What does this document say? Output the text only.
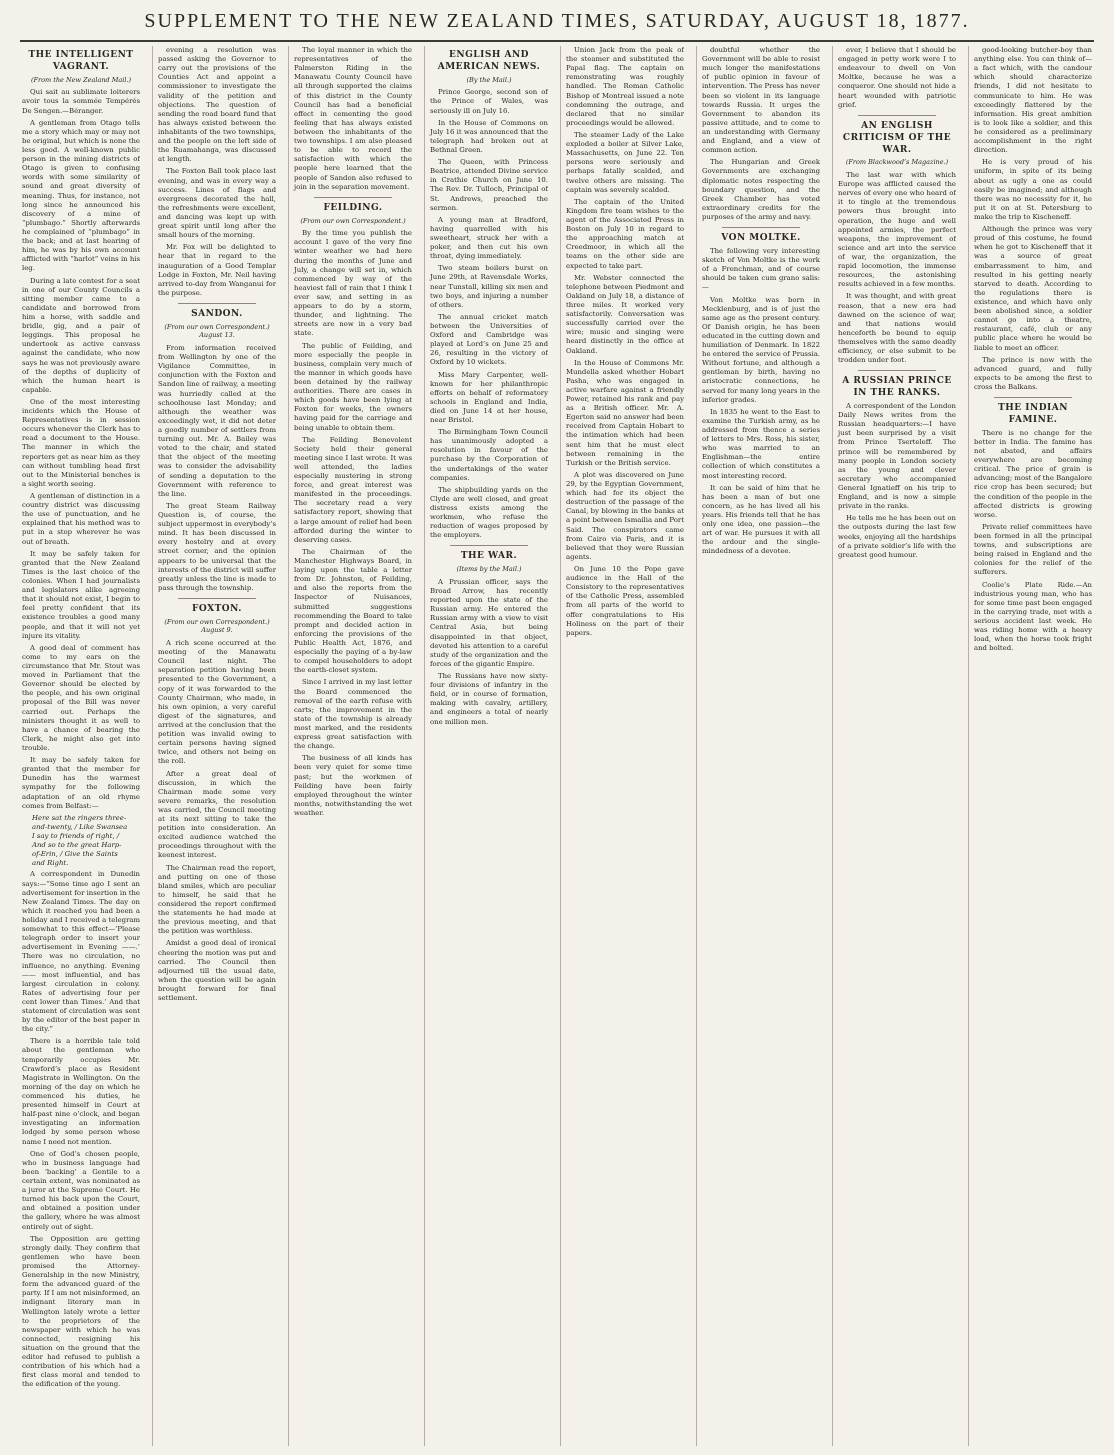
SUPPLEMENT TO THE NEW ZEALAND TIMES, SATURDAY, AUGUST 18, 1877.
THE INTELLIGENT VAGRANT.
(From the New Zealand Mail.)

Qui sait au sublimate loiterers avoir tous la sommée Tempérés De Sengen.—Béranger.

A gentleman from Otago tells me a story which may or may not be original, but which is none the less good. A well-known public person in the mining districts of Otago is given to confusing words with some similarity of sound and great diversity of meaning. Thus, for instance, not long since he announced his discovery of a mine of “plumbago.” Shortly afterwards he complained of “plumbago” in the back; and at last hearing of him, he was by his own account afflicted with “harlot” veins in his leg.

During a late contest for a seat in one of our County Councils a sitting member came to a candidate and borrowed from him a horse, with saddle and bridle, gig, and a pair of leggings. This proposal he undertook as active canvass against the candidate, who now says he was not previously aware of the depths of duplicity of which the human heart is capable.

One of the most interesting incidents which the House of Representatives is in session occurs whenever the Clerk has to read a document to the House. The manner in which the reporters get as near him as they can without tumbling head first out to the Ministerial benches is a sight worth seeing.

A gentleman of distinction in a country district was discussing the use of punctuation, and he explained that his method was to put in a stop wherever he was out of breath.

It may be safely taken for granted that the New Zealand Times is the last choice of the colonies. When I had journalists and legislators alike agreeing that it should not exist, I begin to feel pretty confident that its existence troubles a good many people, and that it will not yet injure its vitality.

A good deal of comment has come to my ears on the circumstance that Mr. Stout was moved in Parliament that the Governor should be elected by the people, and his own original proposal of the Bill was never carried out. Perhaps the ministers thought it as well to have a chance of bearing the Clerk, he might also get into trouble.

It may be safely taken for granted that the member for Dunedin has the warmest sympathy for the following adaptation of an old rhyme comes from Belfast:—

Here sat the ringers three-and-twenty, / Like Swansea I say to friends of right, / And so to the great Harp-of-Erin, / Give the Saints and Right.

A correspondent in Dunedin says:—“Some time ago I sent an advertisement for insertion in the New Zealand Times. The day on which it reached you had been a holiday and I received a telegram somewhat to this effect—‘Please telegraph order to insert your advertisement in Evening ——.’ There was no circulation, no influence, no anything. Evening —— most influential, and has largest circulation in colony. Rates of advertising four per cent lower than Times.’ And that statement of circulation was sent by the editor of the best paper in the city.”

There is a horrible tale told about the gentleman who temporarily occupies Mr. Crawford’s place as Resident Magistrate in Wellington. On the morning of the day on which he commenced his duties, he presented himself in Court at half-past nine o’clock, and began investigating an information lodged by some person whose name I need not mention.

One of God’s chosen people, who in business language had been ‘backing’ a Gentile to a certain extent, was nominated as a juror at the Supreme Court. He turned his back upon the Court, and obtained a position under the gallery, where he was almost entirely out of sight.

The Opposition are getting strongly daily. They confirm that gentlemen who have been promised the Attorney-Generalship in the new Ministry, form the advanced guard of the party. If I am not misinformed, an indignant literary man in Wellington lately wrote a letter to the proprietors of the newspaper with which he was connected, resigning his situation on the ground that the editor had refused to publish a contribution of his which had a first class moral and tended to the edification of the young.

evening a resolution was passed asking the Governor to carry out the provisions of the Counties Act and appoint a commissioner to investigate the validity of the petition and objections. The question of sending the road board fund that has always existed between the inhabitants of the two townships, and the people on the left side of the Ruamahanga, was discussed at length.

The Foxton Ball took place last evening, and was in every way a success. Lines of flags and evergreens decorated the hall, the refreshments were excellent, and dancing was kept up with great spirit until long after the small hours of the morning.

Mr. Fox will be delighted to hear that in regard to the inauguration of a Good Templar Lodge in Foxton, Mr. Neil having arrived to-day from Wanganui for the purpose.

SANDON.
(From our own Correspondent.) August 13.

From information received from Wellington by one of the Vigilance Committee, in conjunction with the Foxton and Sandon line of railway, a meeting was hurriedly called at the schoolhouse last Monday; and although the weather was exceedingly wet, it did not deter a goodly number of settlers from turning out. Mr. A. Bailey was voted to the chair, and stated that the object of the meeting was to consider the advisability of sending a deputation to the Government with reference to the line.

The great Steam Railway Question is, of course, the subject uppermost in everybody’s mind. It has been discussed in every hostelry and at every street corner, and the opinion appears to be universal that the interests of the district will suffer greatly unless the line is made to pass through the township.

FOXTON.
(From our own Correspondent.) August 9.

A rich scene occurred at the meeting of the Manawatu Council last night. The separation petition having been presented to the Government, a copy of it was forwarded to the County Chairman, who made, in his own opinion, a very careful digest of the signatures, and arrived at the conclusion that the petition was invalid owing to certain persons having signed twice, and others not being on the roll.

After a great deal of discussion, in which the Chairman made some very severe remarks, the resolution was carried, the Council meeting at its next sitting to take the petition into consideration. An excited audience watched the proceedings throughout with the keenest interest.

The Chairman read the report, and putting on one of those bland smiles, which are peculiar to himself, he said that he considered the report confirmed the statements he had made at the previous meeting, and that the petition was worthless.

Amidst a good deal of ironical cheering the motion was put and carried. The Council then adjourned till the usual date, when the question will be again brought forward for final settlement.

The loyal manner in which the representatives of the Palmerston Riding in the Manawatu County Council have all through supported the claims of this district in the County Council has had a beneficial effect in cementing the good feeling that has always existed between the inhabitants of the two townships. I am also pleased to be able to record the satisfaction with which the people here learned that the people of Sandon also refused to join in the separation movement.

FEILDING.
(From our own Correspondent.)

By the time you publish the account I gave of the very fine winter weather we had here during the months of June and July, a change will set in, which commenced by way of the heaviest fall of rain that I think I ever saw, and setting in as appears to do by a storm, thunder, and lightning. The streets are now in a very bad state.

The public of Feilding, and more especially the people in business, complain very much of the manner in which goods have been detained by the railway authorities. There are cases in which goods have been lying at Foxton for weeks, the owners having paid for the carriage and being unable to obtain them.

The Feilding Benevolent Society held their general meeting since I last wrote. It was well attended, the ladies especially mustering in strong force, and great interest was manifested in the proceedings. The secretary read a very satisfactory report, showing that a large amount of relief had been afforded during the winter to deserving cases.

The Chairman of the Manchester Highways Board, in laying upon the table a letter from Dr. Johnston, of Feilding, and also the reports from the Inspector of Nuisances, submitted suggestions recommending the Board to take prompt and decided action in enforcing the provisions of the Public Health Act, 1876, and especially the paying of a by-law to compel householders to adopt the earth-closet system.

Since I arrived in my last letter the Board commenced the removal of the earth refuse with carts; the improvement in the state of the township is already most marked, and the residents express great satisfaction with the change.

The business of all kinds has been very quiet for some time past; but the workmen of Feilding have been fairly employed throughout the winter months, notwithstanding the wet weather.

ENGLISH AND AMERICAN NEWS.
(By the Mail.)

Prince George, second son of the Prince of Wales, was seriously ill on July 16.

In the House of Commons on July 16 it was announced that the telegraph had broken out at Bethnal Green.

The Queen, with Princess Beatrice, attended Divine service in Crathie Church on June 10. The Rev. Dr. Tulloch, Principal of St. Andrews, preached the sermon.

A young man at Bradford, having quarrelled with his sweetheart, struck her with a poker, and then cut his own throat, dying immediately.

Two steam boilers burst on June 29th, at Ravensdale Works, near Tunstall, killing six men and two boys, and injuring a number of others.

The annual cricket match between the Universities of Oxford and Cambridge was played at Lord’s on June 25 and 26, resulting in the victory of Oxford by 10 wickets.

Miss Mary Carpenter, well-known for her philanthropic efforts on behalf of reformatory schools in England and India, died on June 14 at her house, near Bristol.

The Birmingham Town Council has unanimously adopted a resolution in favour of the purchase by the Corporation of the undertakings of the water companies.

The shipbuilding yards on the Clyde are well closed, and great distress exists among the workmen, who refuse the reduction of wages proposed by the employers.

THE WAR.
(Items by the Mail.)

A Prussian officer, says the Broad Arrow, has recently reported upon the state of the Russian army. He entered the Russian army with a view to visit Central Asia, but being disappointed in that object, devoted his attention to a careful study of the organization and the forces of the gigantic Empire.

The Russians have now sixty-four divisions of infantry in the field, or in course of formation, making with cavalry, artillery, and engineers a total of nearly one million men.

Union Jack from the peak of the steamer and substituted the Papal flag. The captain on remonstrating was roughly handled. The Roman Catholic Bishop of Montreal issued a note condemning the outrage, and declared that no similar proceedings would be allowed.

The steamer Lady of the Lake exploded a boiler at Silver Lake, Massachusetts, on June 22. Ten persons were seriously and perhaps fatally scalded, and twelve others are missing. The captain was severely scalded.

The captain of the United Kingdom fire team wishes to the agent of the Associated Press in Boston on July 10 in regard to the approaching match at Creedmoor, in which all the teams on the other side are expected to take part.

Mr. Webster connected the telephone between Piedmont and Oakland on July 18, a distance of three miles. It worked very satisfactorily. Conversation was successfully carried over the wire; music and singing were heard distinctly in the office at Oakland.

In the House of Commons Mr. Mundella asked whether Hobart Pasha, who was engaged in active warfare against a friendly Power, retained his rank and pay as a British officer. Mr. A. Egerton said no answer had been received from Captain Hobart to the intimation which had been sent him that he must elect between remaining in the Turkish or the British service.

A plot was discovered on June 29, by the Egyptian Government, which had for its object the destruction of the passage of the Canal, by blowing in the banks at a point between Ismailia and Port Said. The conspirators came from Cairo via Paris, and it is believed that they were Russian agents.

On June 10 the Pope gave audience in the Hall of the Consistory to the representatives of the Catholic Press, assembled from all parts of the world to offer congratulations to His Holiness on the part of their papers.

doubtful whether the Government will be able to resist much longer the manifestations of public opinion in favour of intervention. The Press has never been so violent in its language towards Russia. It urges the Government to abandon its passive attitude, and to come to an understanding with Germany and England, and a view of common action.

The Hungarian and Greek Governments are exchanging diplomatic notes respecting the boundary question, and the Greek Chamber has voted extraordinary credits for the purposes of the army and navy.

VON MOLTKE.

The following very interesting sketch of Von Moltke is the work of a Frenchman, and of course should be taken cum grano salis:—

Von Moltke was born in Mecklenburg, and is of just the same age as the present century. Of Danish origin, he has been educated in the cutting down and humiliation of Denmark. In 1822 he entered the service of Prussia. Without fortune, and although a gentleman by birth, having no aristocratic connections, he served for many long years in the inferior grades.

In 1835 he went to the East to examine the Turkish army, as he addressed from thence a series of letters to Mrs. Ross, his sister, who was married to an Englishman—the entire collection of which constitutes a most interesting record.

It can be said of him that he has been a man of but one concern, as he has lived all his years. His friends tell that he has only one idea, one passion—the art of war. He pursues it with all the ardour and the single-mindedness of a devotee.

ever, I believe that I should be engaged in petty work were I to endeavour to dwell on Von Moltke, because he was a conqueror. One should not hide a heart wounded with patriotic grief.

AN ENGLISH CRITICISM OF THE WAR.
(From Blackwood’s Magazine.)

The last war with which Europe was afflicted caused the nerves of every one who heard of it to tingle at the tremendous powers thus brought into operation, the huge and well appointed armies, the perfect weapons, the improvement of science and art into the service of war, the organization, the rapid locomotion, the immense resources, the astonishing results achieved in a few months.

It was thought, and with great reason, that a new era had dawned on the science of war, and that nations would henceforth be bound to equip themselves with the same deadly efficiency, or else submit to be trodden under foot.

A RUSSIAN PRINCE IN THE RANKS.

A correspondent of the London Daily News writes from the Russian headquarters:—I have just been surprised by a visit from Prince Tserteleff. The prince will be remembered by many people in London society as the young and clever secretary who accompanied General Ignatieff on his trip to England, and is now a simple private in the ranks.

He tells me he has been out on the outposts during the last few weeks, enjoying all the hardships of a private soldier’s life with the greatest good humour.

good-looking butcher-boy than anything else. You can think of—a fact which, with the candour which should characterize friends, I did not hesitate to communicate to him. He was exceedingly flattered by the information. His great ambition is to look like a soldier, and this he considered as a preliminary accomplishment in the right direction.

He is very proud of his uniform, in spite of its being about as ugly a one as could easily be imagined; and although there was no necessity for it, he put it on at St. Petersburg to make the trip to Kischeneff.

Although the prince was very proud of this costume, he found when he got to Kischeneff that it was a source of great embarrassment to him, and resulted in his getting nearly starved to death. According to the regulations there is existence, and which have only been abolished since, a soldier cannot go into a theatre, restaurant, café, club or any public place where he would be liable to meet an officer.

The prince is now with the advanced guard, and fully expects to be among the first to cross the Balkans.

THE INDIAN FAMINE.

There is no change for the better in India. The famine has not abated, and affairs everywhere are becoming critical. The price of grain is advancing; most of the Bangalore rice crop has been secured; but the condition of the people in the affected districts is growing worse.

Private relief committees have been formed in all the principal towns, and subscriptions are being raised in England and the colonies for the relief of the sufferers.

Coolie’s Plate Ride.—An industrious young man, who has for some time past been engaged in the carrying trade, met with a serious accident last week. He was riding home with a heavy load, when the horse took fright and bolted.
